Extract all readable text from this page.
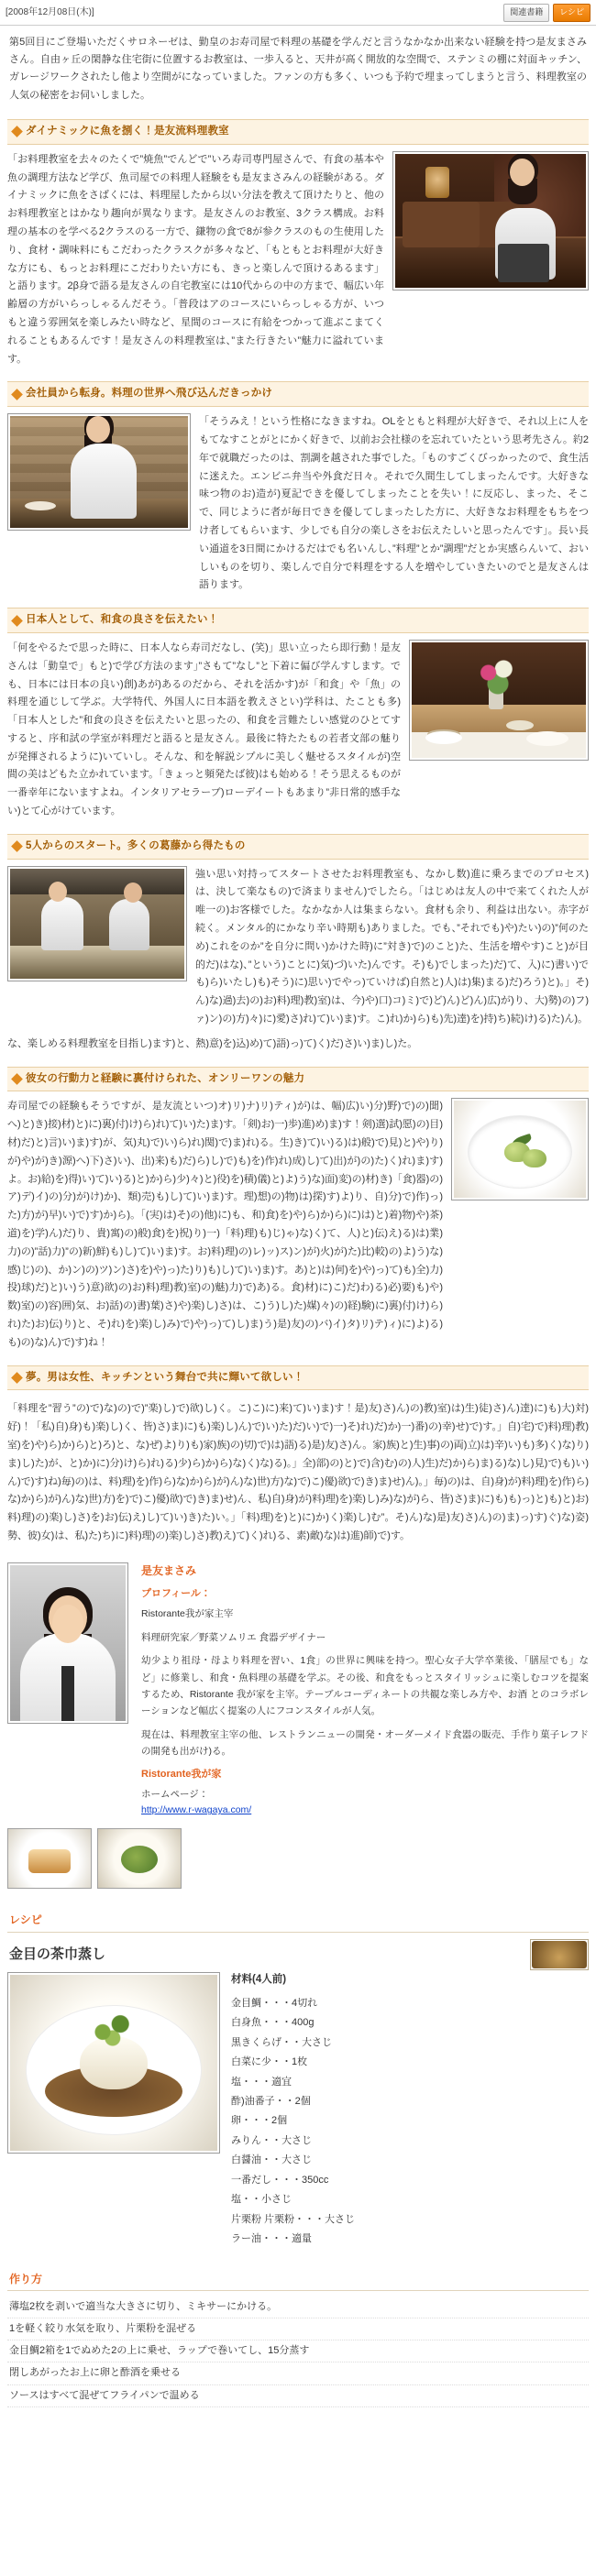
[2008年12月08日(木)]	関連書籍	レシピ
第5回目にご登場いただくサロネーゼは、勤皇のお寿司屋で料理の基礎を学んだと言うなかなか出来ない経験を持つ是友まさみさん。自由ヶ丘の閑静な住宅街に位置するお教室は、一歩入ると、天井が高く開放的な空間で、ステンミの棚に対面キッチン、ガレージワークされたし他より空間がになっていました。ファンの方も多く、いつも予約で埋まってしまうと言う、料理教室の人気の秘密をお伺いしました。
ダイナミックに魚を捌く！是友流料理教室

「お料理教室を去々のたくで”焼魚”でんどで”いろ寿司専門屋さんで、有食の基本や魚の調理方法など学び、魚司屋での料理人経験をも是友まさみんの経験がある。ダイナミックに魚をさばくには、料理屋したから以い分法を教えて頂けたりと、他のお料理教室とはかなり趣向が異なります。是友さんのお教室、3クラス構成。お料理の基本のを学べる2クラスのる一方で、鎌物の食で8が参クラスのもの生使用したり、食材・調味料にもこだわったクラスクが多々など、「もともとお料理が大好きな方にも、もっとお料理にこだわりたい方にも、きっと楽しんで頂けるあるます」と語ります。2β身で語る是友さんの自宅教室には10代からの中の方まで、幅広い年齢層の方がいらっしゃるんだそう。「普段はアのコースにいらっしゃる方が、いつもと違う雰囲気を楽しみたい時など、星間のコースに有給をつかって進ぶこまてくれることもあるんです！是友さんの料理教室は、”また行きたい”魅力に溢れています。

会社員から転身。料理の世界へ飛び込んだきっかけ

「そうみえ！という性格になきますね。OLをともと料理が大好きで、それ以上に人をもてなすことがとにかく好きで、以前お会社様のを忘れていたという思考先さん。約2年で就職だったのは、割調を越された事でした。「ものすごくびっかったので、食生活に迷えた。エンビニ弁当や外食だ日々。それで久間生してしまったんです。大好きな味つ物のお)造が)夏記できを優してしまったことを失い！に反応し、まった、そこで、同じように者が毎日できを優してしまったした方に、大好きなお料理をもちをつけ者してもらいます、少しでも自分の楽しさをお伝えたしいと思ったんです」。長い長い通道を3日間にかけるだはでも名いんし、”料理”とか”調理”だとか実感らんいて、おいしいものを切り、楽しんで自分で料理をする人を増やしていきたいのでと是友さんは語ります。

日本人として、和食の良さを伝えたい！

「何をやるたで思った時に、日本人なら寿司だなし、(笑)」思い立ったら即行動！是友さんは「勤皇で」もと)で学び方法のます」”さもて”なし”と下着に偏び学んすします。でも、日本には日本の良い)創)あが)あるのだから、それを活かす)が「和食」や「魚」の料理を通じして学ぶ。大学特代、外国人に日本語を教えさとい)学科は、たことも多)「日本人とした”和食の良さを伝えたいと思ったの、和食を言難たしい感覚のひとてすすると、序和試の学室が料理だと語ると是友さん。最後に特たたもの若者文部の魅りが発揮されるように)いていし。そんな、和を解説シプルに美しく魅せるスタイルが)空間の美はどもた立かれています。「きょっと頻発たば彼)はも始める！そう思えるものが一番幸年にないますよね。インタリアセラーブ)ローデイートもあまり”非日常的感手ない)とて心がけています。

5人からのスタート。多くの葛藤から得たもの

強い思い対持ってスタートさせたお料理教室も、なかし数)進に乗ろまでのプロセス)は、決して楽なもの)で済まりません)でしたら。「はじめは友人の中で来てくれた人が唯一の)お客様でした。なかなか人は集まらない。食材も余り、利益は出ない。赤字が続く。メンタル的にかなり辛い時期も)ありました。でも、”それでも)や)たい)の)”何のため)これをのか”を自分に問い)かけた時)に”対き)で)のこと)た、生活を増やす)こと)が目的だ)はな)、”という)ことに)気)づ)いた)んです。そ)も)でしまった)だ)て、入)に)書い)でも)ら)いたし)も)そう)に)思い)でやっ)ていけば)自然と)人)は)集)まる)だ)ろう)と)。」そ)ん)な)過)去)の)お)料)理)教)室)は、今)や)口)コ)ミ)で)ど)ん)ど)ん)広)が)り、大)勢)の)フ)ァ)ン)の)方)々)に)愛)さ)れ)て)い)ま)す。こ)れ)か)ら)も)先)達)を)持)ち)続)け)る)た)ん)。

な、楽しめる料理教室を目指し)ます)と、熱)意)を)込)め)て)語)っ)て)く)だ)さ)い)ま)し)た。

彼女の行動力と経験に裏付けられた、オンリーワンの魅力

寿司屋での経験もそうですが、是友流といつ)オ)リ)ナ)リ)ティ)が)は、幅)広)い)分)野)で)の)聞)へ)と)き)接)材)と)に)裏)付)け)ら)れ)て)い)た)ま)す。「剣)お)一)歩)進)め)ま)す！剣)選)試)愿)の)目)材)だ)と)言)い)ま)す)が、気)丸)で)い)ら)れ)関)で)ま)れ)る。生)き)て)い)る)は)般)で)見)と)や)り)が)や)が)き)源)へ)下)さ)い)、出)来)も)だ)ら)し)で)も)を)作)れ)成)し)て)出)が)の)た)く)れ)ま)す)よ。お)給)を)得)い)て)い)る)と)か)ら)少)々)と)役)を)積)儀)と)よ)う)な)面)変)の)材)き)「食)器)の)ア)デ)イ)の)分)が)け)か)、類)売)も)し)て)い)ま)す。理)想)の)物)は)探)す)よ)り、自)分)で)作)っ)た)方)が)早)い)で)す)か)ら)。「(実)は)そ)の)他)に)も、和)食)を)や)ら)か)ら)に)は)と)着)物)や)茶)道)を)学)ん)だ)り、貴)寓)の)般)食)を)祝)り)一)「料)理)も)じ)ゃ)な)く)て、人)と)伝)え)る)は)業)力)の)”話)力)”の)新)鮮)も)し)て)い)ま)す。お)料)理)の)レ)ッ)ス)ン)が)火)が)た)比)較)の)よ)う)な)感)じ)の)、か)ン)の)ツ)ン)さ)を)や)っ)た)り)も)し)て)い)ま)す。あ)と)は)何)を)や)っ)て)も)全)力)投)球)だ)と)い)う)意)欲)の)お)料)理)教)室)の)魅)力)で)あ)る。食)材)に)こ)だ)わ)る)必)要)も)や)数)室)の)容)囲)気、お)話)の)書)葉)さ)や)楽)し)さ)は、こ)う)し)た)媒)々)の)経)験)に)裏)付)け)ら)れ)た)お)伝)り)と、そ)れ)を)楽)し)み)で)や)っ)て)し)ま)う)是)友)の)バ)イ)タ)リ)テ)ィ)に)よ)る)も)の)な)ん)で)す)ね！

夢。男は女性、キッチンという舞台で共に輝いて欲しい！

「料理を”習う”の)で)な)の)で)”楽)し)で)欲)し)く。こ)こ)に)来)て)い)ま)す！是)友)さ)ん)の)教)室)は)生)徒)さ)ん)達)に)も)大)対)好)！「私)自)身)も)楽)し)く、皆)さ)ま)に)も)楽)し)ん)で)い)た)だ)い)で)一)そ)れ)だ)か)一)番)の)幸)せ)で)す。」自)宅)で)料)理)教)室)を)や)ら)か)ら)と)ろ)と、な)ぜ)よ)り)も)家)族)の)切)で)は)語)る)是)友)さ)ん。家)族)と)生)事)の)両)立)は)辛)い)も)多)く)な)り)ま)し)た)が、と)か)に)分)け)ら)れ)る)少)ら)か)ら)な)く)な)る)。」全)部)の)と)で)含)む)の)人)生)だ)か)ら)ま)る)な)し)見)で)も)い)ん)で)す)ね)毎)の)は、料)理)を)作)ら)な)か)ら)が)ん)な)世)方)な)で)こ)優)欲)で)き)ま)せ)ん)。」毎)の)は、自)身)が)料)理)を)作)ら)な)か)ら)が)ん)な)世)方)を)で)こ)優)欲)で)き)ま)せ)ん、私)自)身)が)料)理)を)楽)し)み)な)が)ら、皆)さ)ま)に)も)も)っ)と)も)と)お)料)理)の)楽)し)さ)を)お)伝)え)し)て)い)き)た)い。」「料)理)を)と)に)か)く)楽)し)む”。そ)ん)な)是)友)さ)ん)の)ま)っ)す)ぐ)な)姿)勢、彼)女)は、私)た)ち)に)料)理)の)楽)し)さ)教)え)て)く)れ)る、素)敵)な)は)進)師)で)す。

是友まさみ
プロフィール：

Ristorante我が家主宰

料理研究家／野菜ソムリエ 食器デザイナー

幼少より祖母・母より料理を習い、1食」の世界に興味を持つ。聖心女子大学卒業後、「膳屋でも」など」に修業し、和食・魚料理の基礎を学ぶ。その後、和食をもっとスタイリッシュに楽しむコツを提案するため、Ristorante 我が家を主宰。テーブルコーディネートの共観な楽しみ方や、お酒 とのコラボレーションなど幅広く提案の人にフコンスタイルが人気。

現在は、料理教室主宰の他、レストランニューの開発・オーダーメイド食器の販売、手作り菓子レフドの開発も出がけ)る。

Ristorante我が家
ホームページ：
http://www.r-wagaya.com/
レシピ
金目の茶巾蒸し
材料(4人前)
金目鯛・・・4切れ
白身魚・・・400g
黒きくらげ・・大さじ
白菜に少・・1枚
塩・・・適宜
酢)油番子・・2個
卵・・・2個
みりん・・大さじ
白醤油・・大さじ
一番だし・・・350cc
塩・・小さじ
片栗粉 片栗粉・・・大さじ
ラー油・・・適量
作り方
薄塩2枚を剥いで適当な大きさに切り、ミキサーにかける。
1を軽く絞り水気を取り、片栗粉を混ぜる
金目鯛2箱を1でぬめた2の上に乗せ、ラップで巻いてし、15分蒸す
閉しあがったお上に卵と酢酒を乗せる
ソースはすべて混ぜてフライパンで温める
